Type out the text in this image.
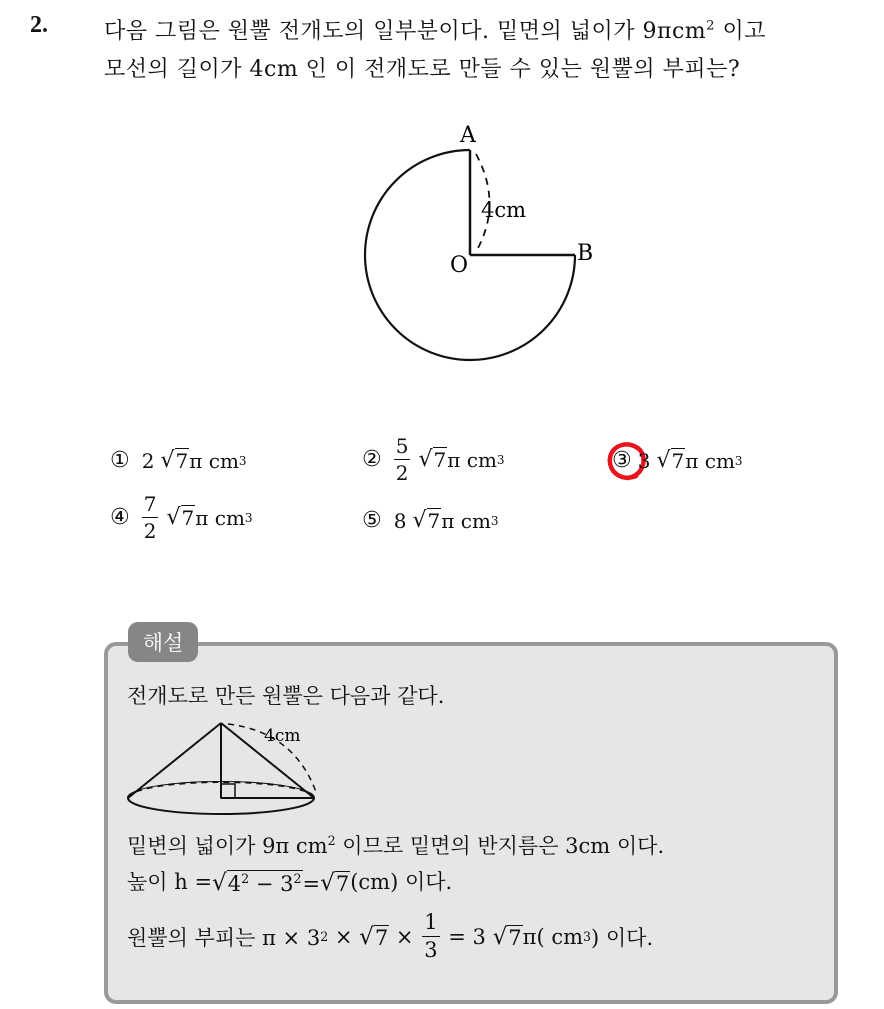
2.	다음 그림은 원뿔 전개도의 일부분이다. 밑면의 넓이가 9πcm$^2$ 이고
모선의 길이가 4cm 인 이 전개도로 만들 수 있는 원뿔의 부피는?
A
B
O
4cm
① 2 √ 7 π cm 3	② $\frac{5}{2}$ √ 7 π cm 3	③ 3 √ 7 π cm 3
④ $\frac{7}{2}$ √ 7 π cm 3	⑤ 8 √ 7 π cm 3
해설
전개도로 만든 원뿔은 다음과 같다.
4cm
밑변의 넓이가 9π $cm^2$ 이므로 밑면의 반지름은 3cm 이다.
높이 h = √ $4^2 - 3^2$ = √ 7 (cm) 이다.
원뿔의 부피는 π × 3 2 × √ $7 \times \frac{1}{3} = 3$ √ 7 π( cm 3 ) 이다.
